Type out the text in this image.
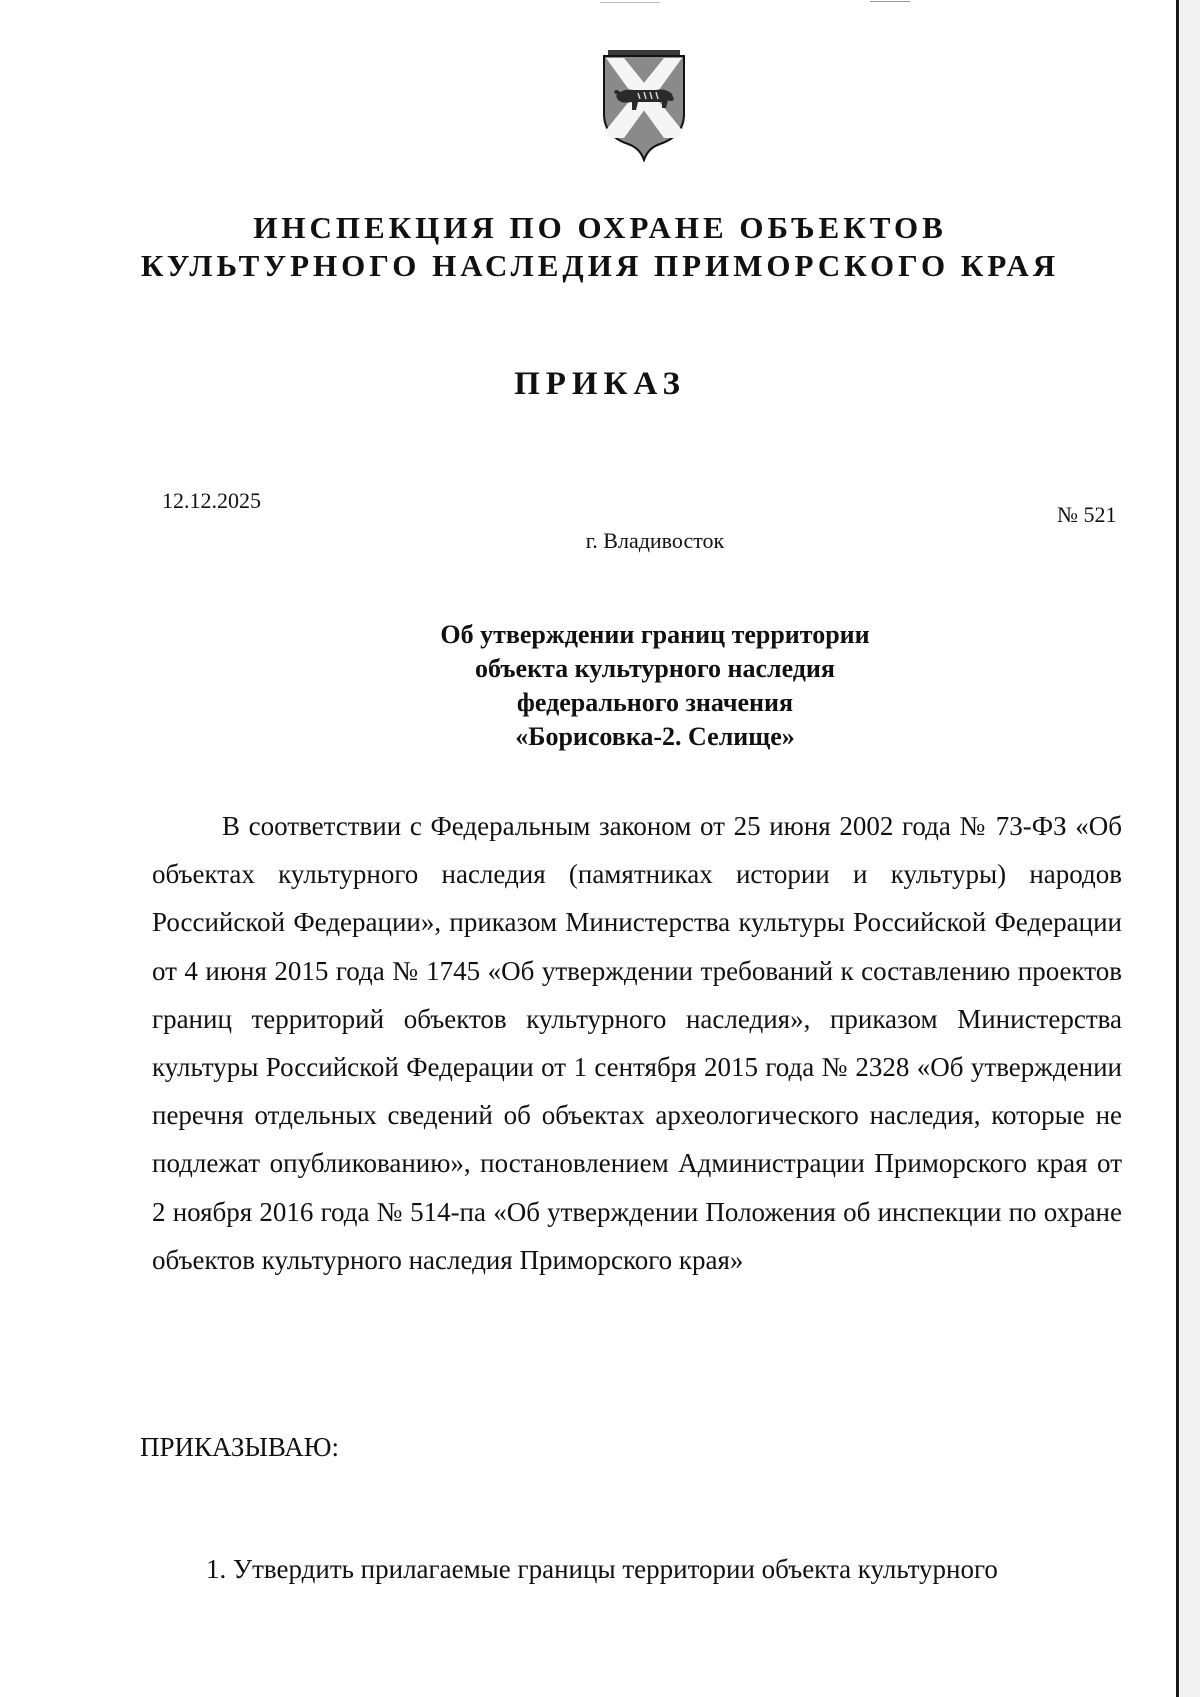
ИНСПЕКЦИЯ ПО ОХРАНЕ ОБЪЕКТОВ
КУЛЬТУРНОГО НАСЛЕДИЯ ПРИМОРСКОГО КРАЯ
ПРИКАЗ
12.12.2025
№ 521
г. Владивосток
Об утверждении границ территории
объекта культурного наследия
федерального значения
«Борисовка-2. Селище»

В соответствии с Федеральным законом от 25 июня 2002 года № 73-ФЗ «Об объектах культурного наследия (памятниках истории и культуры) народов Российской Федерации», приказом Министерства культуры Российской Федерации от 4 июня 2015 года № 1745 «Об утверждении требований к составлению проектов границ территорий объектов культурного наследия», приказом Министерства культуры Российской Федерации от 1 сентября 2015 года № 2328 «Об утверждении перечня отдельных сведений об объектах археологического наследия, которые не подлежат опубликованию», постановлением Администрации Приморского края от 2 ноября 2016 года № 514-па «Об утверждении Положения об инспекции по охране объектов культурного наследия Приморского края»

ПРИКАЗЫВАЮ:

1. Утвердить прилагаемые границы территории объекта культурного
